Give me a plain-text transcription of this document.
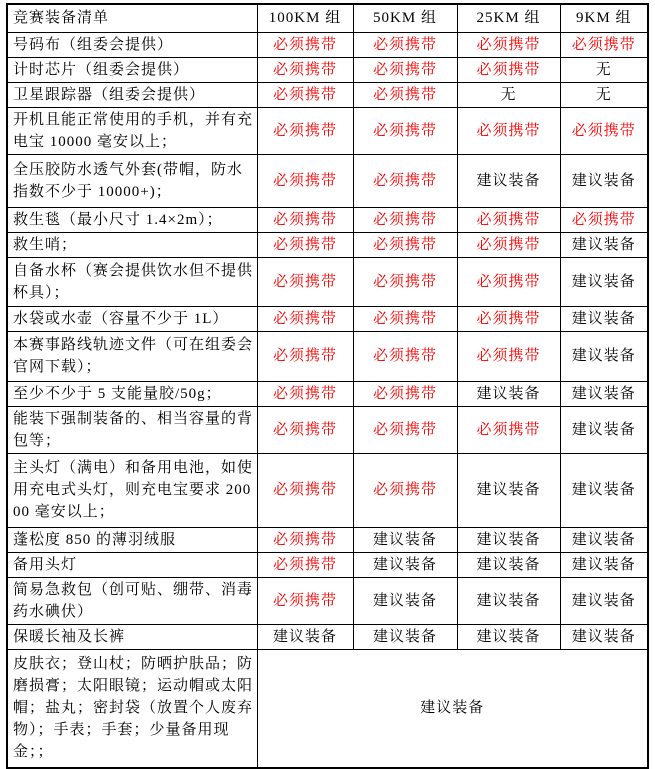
竞赛装备清单	100KM 组	50KM 组	25KM 组	9KM 组
号码布（组委会提供）	必须携带	必须携带	必须携带	必须携带
计时芯片（组委会提供）	必须携带	必须携带	必须携带	无
卫星跟踪器（组委会提供）	必须携带	必须携带	无	无
开机且能正常使用的手机，并有充电宝 10000 毫安以上；	必须携带	必须携带	必须携带	必须携带
全压胶防水透气外套(带帽，防水指数不少于 10000+)；	必须携带	必须携带	建议装备	建议装备
救生毯（最小尺寸 1.4×2m）；	必须携带	必须携带	必须携带	必须携带
救生哨；	必须携带	必须携带	必须携带	建议装备
自备水杯（赛会提供饮水但不提供杯具）；	必须携带	必须携带	必须携带	建议装备
水袋或水壶（容量不少于 1L）	必须携带	必须携带	必须携带	建议装备
本赛事路线轨迹文件（可在组委会官网下载）；	必须携带	必须携带	必须携带	建议装备
至少不少于 5 支能量胶/50g；	必须携带	必须携带	建议装备	建议装备
能装下强制装备的、相当容量的背包等；	必须携带	必须携带	必须携带	建议装备
主头灯（满电）和备用电池，如使用充电式头灯，则充电宝要求 20000 毫安以上；	必须携带	必须携带	建议装备	建议装备
蓬松度 850 的薄羽绒服	必须携带	建议装备	建议装备	建议装备
备用头灯	必须携带	建议装备	建议装备	建议装备
简易急救包（创可贴、绷带、消毒药水碘伏）	必须携带	建议装备	建议装备	建议装备
保暖长袖及长裤	建议装备	建议装备	建议装备	建议装备
皮肤衣；登山杖；防晒护肤品；防磨损膏；太阳眼镜；运动帽或太阳帽；盐丸；密封袋（放置个人废弃物）；手表；手套；少量备用现金；；	建议装备			
